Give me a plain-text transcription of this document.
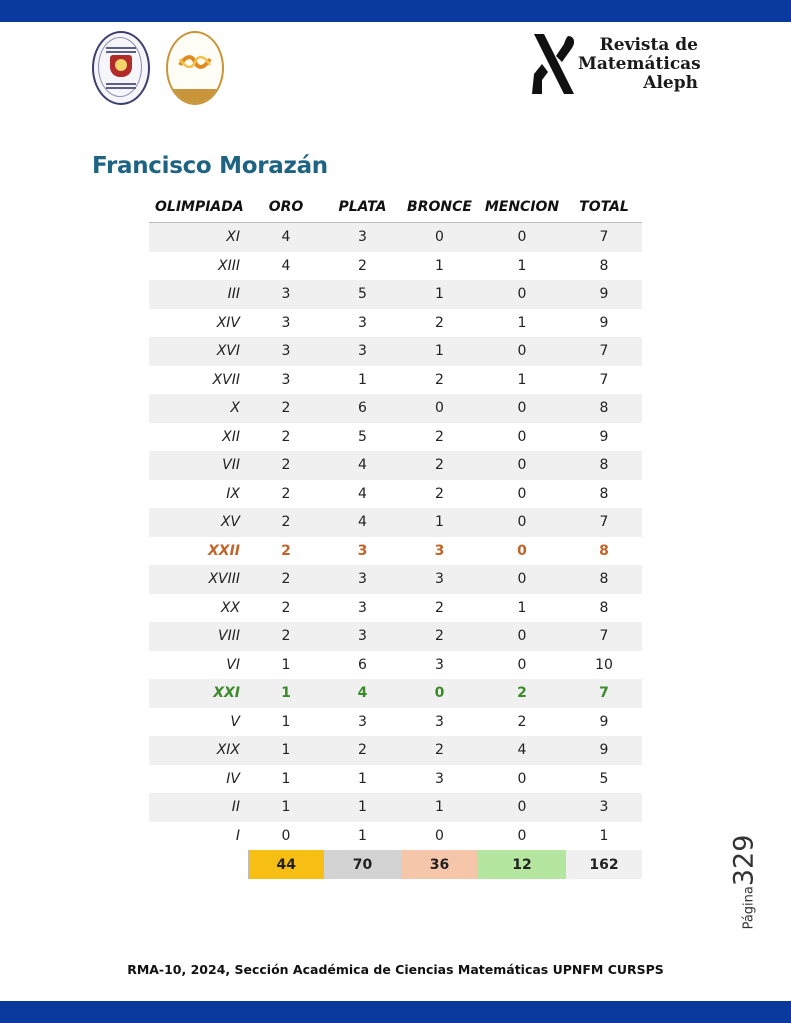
Revista de
Matemáticas
Aleph
Francisco Morazán
OLIMPIADA	ORO	PLATA	BRONCE	MENCION	TOTAL
XI	4	3	0	0	7
XIII	4	2	1	1	8
III	3	5	1	0	9
XIV	3	3	2	1	9
XVI	3	3	1	0	7
XVII	3	1	2	1	7
X	2	6	0	0	8
XII	2	5	2	0	9
VII	2	4	2	0	8
IX	2	4	2	0	8
XV	2	4	1	0	7
XXII	2	3	3	0	8
XVIII	2	3	3	0	8
XX	2	3	2	1	8
VIII	2	3	2	0	7
VI	1	6	3	0	10
XXI	1	4	0	2	7
V	1	3	3	2	9
XIX	1	2	2	4	9
IV	1	1	3	0	5
II	1	1	1	0	3
I	0	1	0	0	1
	44	70	36	12	162
Página329
RMA-10, 2024, Sección Académica de Ciencias Matemáticas UPNFM CURSPS
